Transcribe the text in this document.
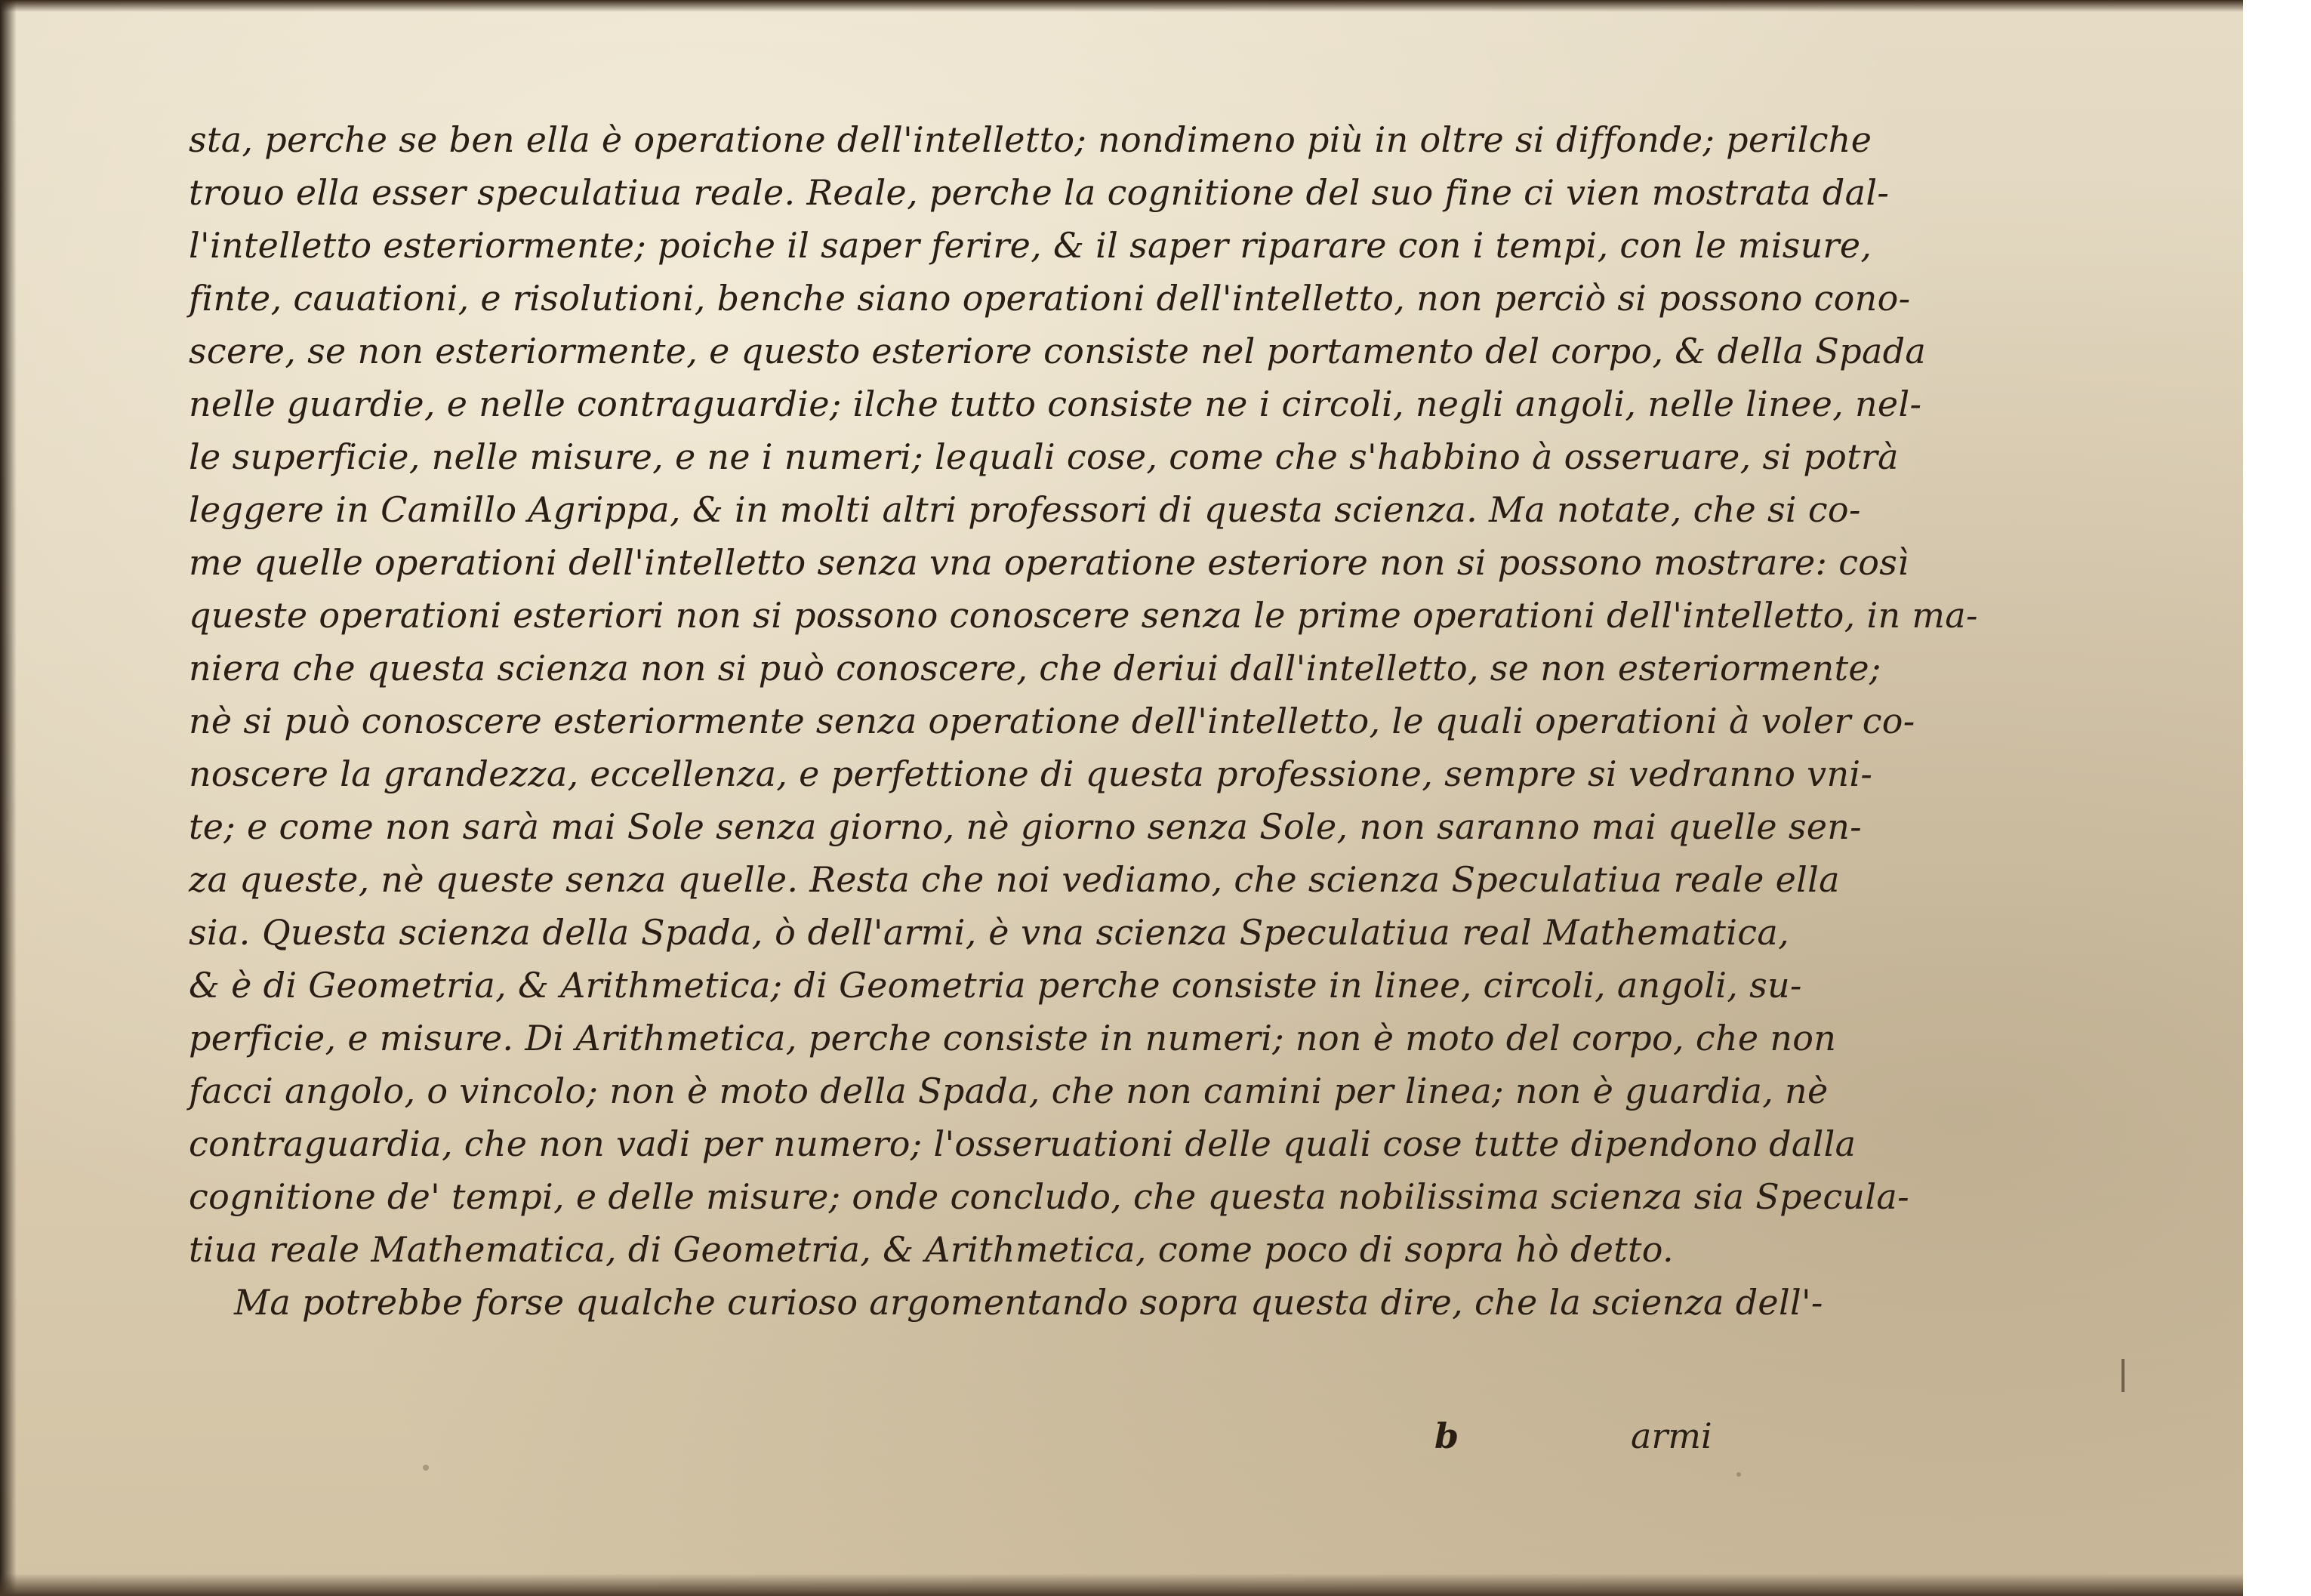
sta, perche se ben ella è operatione dell'intelletto; nondimeno più in oltre si diffonde; perilche
trouo ella esser speculatiua reale. Reale, perche la cognitione del suo fine ci vien mostrata dal-
l'intelletto esteriormente; poiche il saper ferire, & il saper riparare con i tempi, con le misure,
finte, cauationi, e risolutioni, benche siano operationi dell'intelletto, non perciò si possono cono-
scere, se non esteriormente, e questo esteriore consiste nel portamento del corpo, & della Spada
nelle guardie, e nelle contraguardie; ilche tutto consiste ne i circoli, negli angoli, nelle linee, nel-
le superficie, nelle misure, e ne i numeri; lequali cose, come che s'habbino à osseruare, si potrà
leggere in Camillo Agrippa, & in molti altri professori di questa scienza. Ma notate, che si co-
me quelle operationi dell'intelletto senza vna operatione esteriore non si possono mostrare: così
queste operationi esteriori non si possono conoscere senza le prime operationi dell'intelletto, in ma-
niera che questa scienza non si può conoscere, che deriui dall'intelletto, se non esteriormente;
nè si può conoscere esteriormente senza operatione dell'intelletto, le quali operationi à voler co-
noscere la grandezza, eccellenza, e perfettione di questa professione, sempre si vedranno vni-
te; e come non sarà mai Sole senza giorno, nè giorno senza Sole, non saranno mai quelle sen-
za queste, nè queste senza quelle. Resta che noi vediamo, che scienza Speculatiua reale ella
sia. Questa scienza della Spada, ò dell'armi, è vna scienza Speculatiua real Mathematica,
& è di Geometria, & Arithmetica; di Geometria perche consiste in linee, circoli, angoli, su-
perficie, e misure. Di Arithmetica, perche consiste in numeri; non è moto del corpo, che non
facci angolo, o vincolo; non è moto della Spada, che non camini per linea; non è guardia, nè
contraguardia, che non vadi per numero; l'osseruationi delle quali cose tutte dipendono dalla
cognitione de' tempi, e delle misure; onde concludo, che questa nobilissima scienza sia Specula-
tiua reale Mathematica, di Geometria, & Arithmetica, come poco di sopra hò detto.
Ma potrebbe forse qualche curioso argomentando sopra questa dire, che la scienza dell'-
b	armi
